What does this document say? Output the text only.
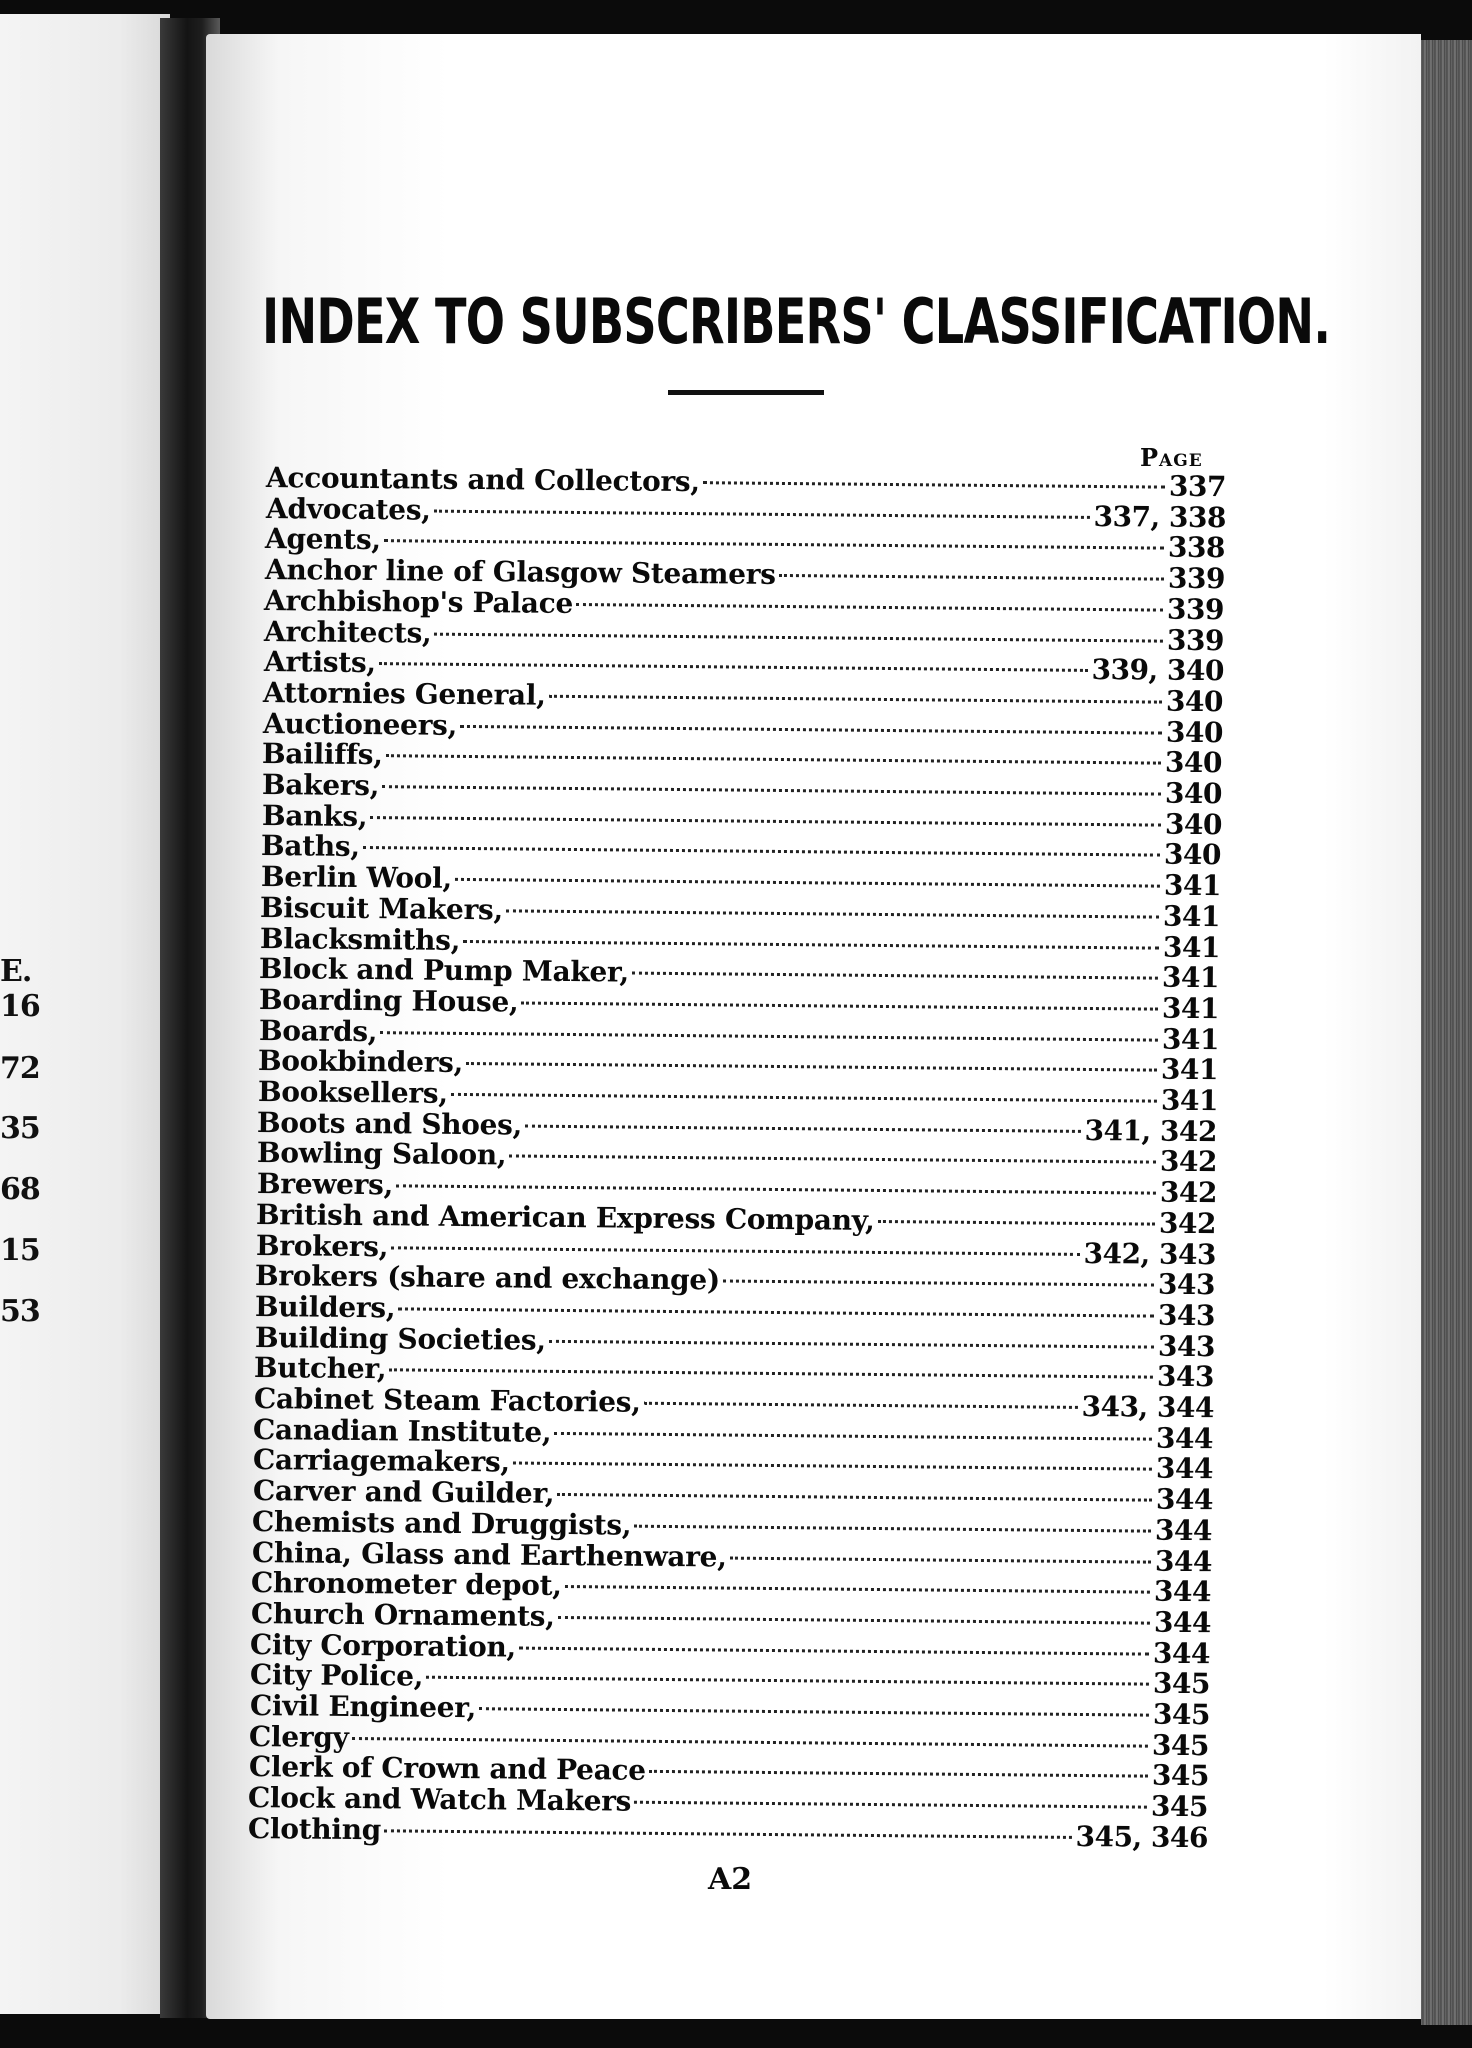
E.
16
72
35
68
15
53
INDEX TO SUBSCRIBERS' CLASSIFICATION.
Page
Accountants and Collectors,	337
Advocates,	337, 338
Agents,	338
Anchor line of Glasgow Steamers	339
Archbishop's Palace	339
Architects,	339
Artists,	339, 340
Attornies General,	340
Auctioneers,	340
Bailiffs,	340
Bakers,	340
Banks,	340
Baths,	340
Berlin Wool,	341
Biscuit Makers,	341
Blacksmiths,	341
Block and Pump Maker,	341
Boarding House,	341
Boards,	341
Bookbinders,	341
Booksellers,	341
Boots and Shoes,	341, 342
Bowling Saloon,	342
Brewers,	342
British and American Express Company,	342
Brokers,	342, 343
Brokers (share and exchange)	343
Builders,	343
Building Societies,	343
Butcher,	343
Cabinet Steam Factories,	343, 344
Canadian Institute,	344
Carriagemakers,	344
Carver and Guilder,	344
Chemists and Druggists,	344
China, Glass and Earthenware,	344
Chronometer depot,	344
Church Ornaments,	344
City Corporation,	344
City Police,	345
Civil Engineer,	345
Clergy	345
Clerk of Crown and Peace	345
Clock and Watch Makers	345
Clothing	345, 346
A2
